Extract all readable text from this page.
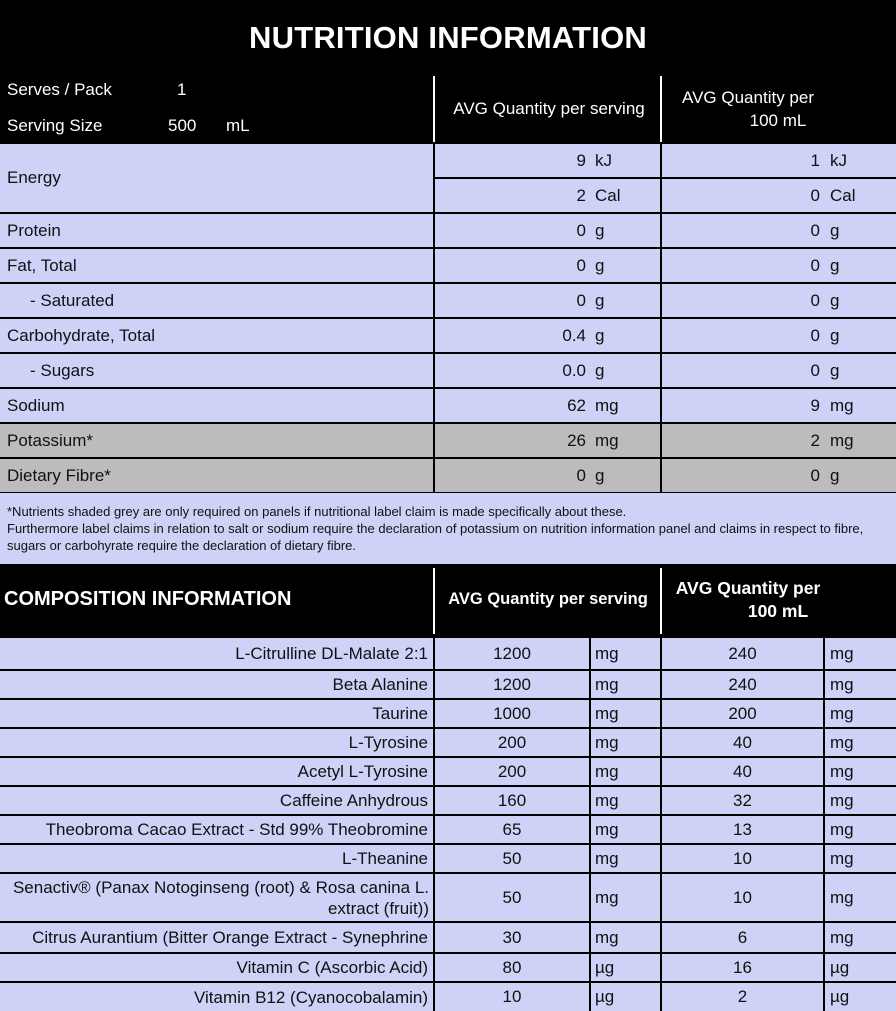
NUTRITION INFORMATION
Serves / Pack	1
Serving Size	500 mL
AVG Quantity per serving
AVG Quantity per
100 mL
Energy
9 kJ	1 kJ
2 Cal	0 Cal
Protein	0 g	0 g
Fat, Total	0 g	0 g
- Saturated	0 g	0 g
Carbohydrate, Total	0.4 g	0 g
- Sugars	0.0 g	0 g
Sodium	62 mg	9 mg
Potassium*	26 mg	2 mg
Dietary Fibre*	0 g	0 g
*Nutrients shaded grey are only required on panels if nutritional label claim is made specifically about these.
Furthermore label claims in relation to salt or sodium require the declaration of potassium on nutrition information panel and claims in respect to fibre, sugars or carbohyrate require the declaration of dietary fibre.
COMPOSITION INFORMATION	AVG Quantity per serving
AVG Quantity per
100 mL
L-Citrulline DL-Malate 2:1	1200	mg	240	mg
Beta Alanine	1200	mg	240	mg
Taurine	1000	mg	200	mg
L-Tyrosine	200	mg	40	mg
Acetyl L-Tyrosine	200	mg	40	mg
Caffeine Anhydrous	160	mg	32	mg
Theobroma Cacao Extract - Std 99% Theobromine	65	mg	13	mg
L-Theanine	50	mg	10	mg
Senactiv® (Panax Notoginseng (root) & Rosa canina L. extract (fruit))
50	mg	10	mg
Citrus Aurantium (Bitter Orange Extract - Synephrine	30	mg	6	mg
Vitamin C (Ascorbic Acid)	80	µg	16	µg
Vitamin B12 (Cyanocobalamin)	10	µg	2	µg
